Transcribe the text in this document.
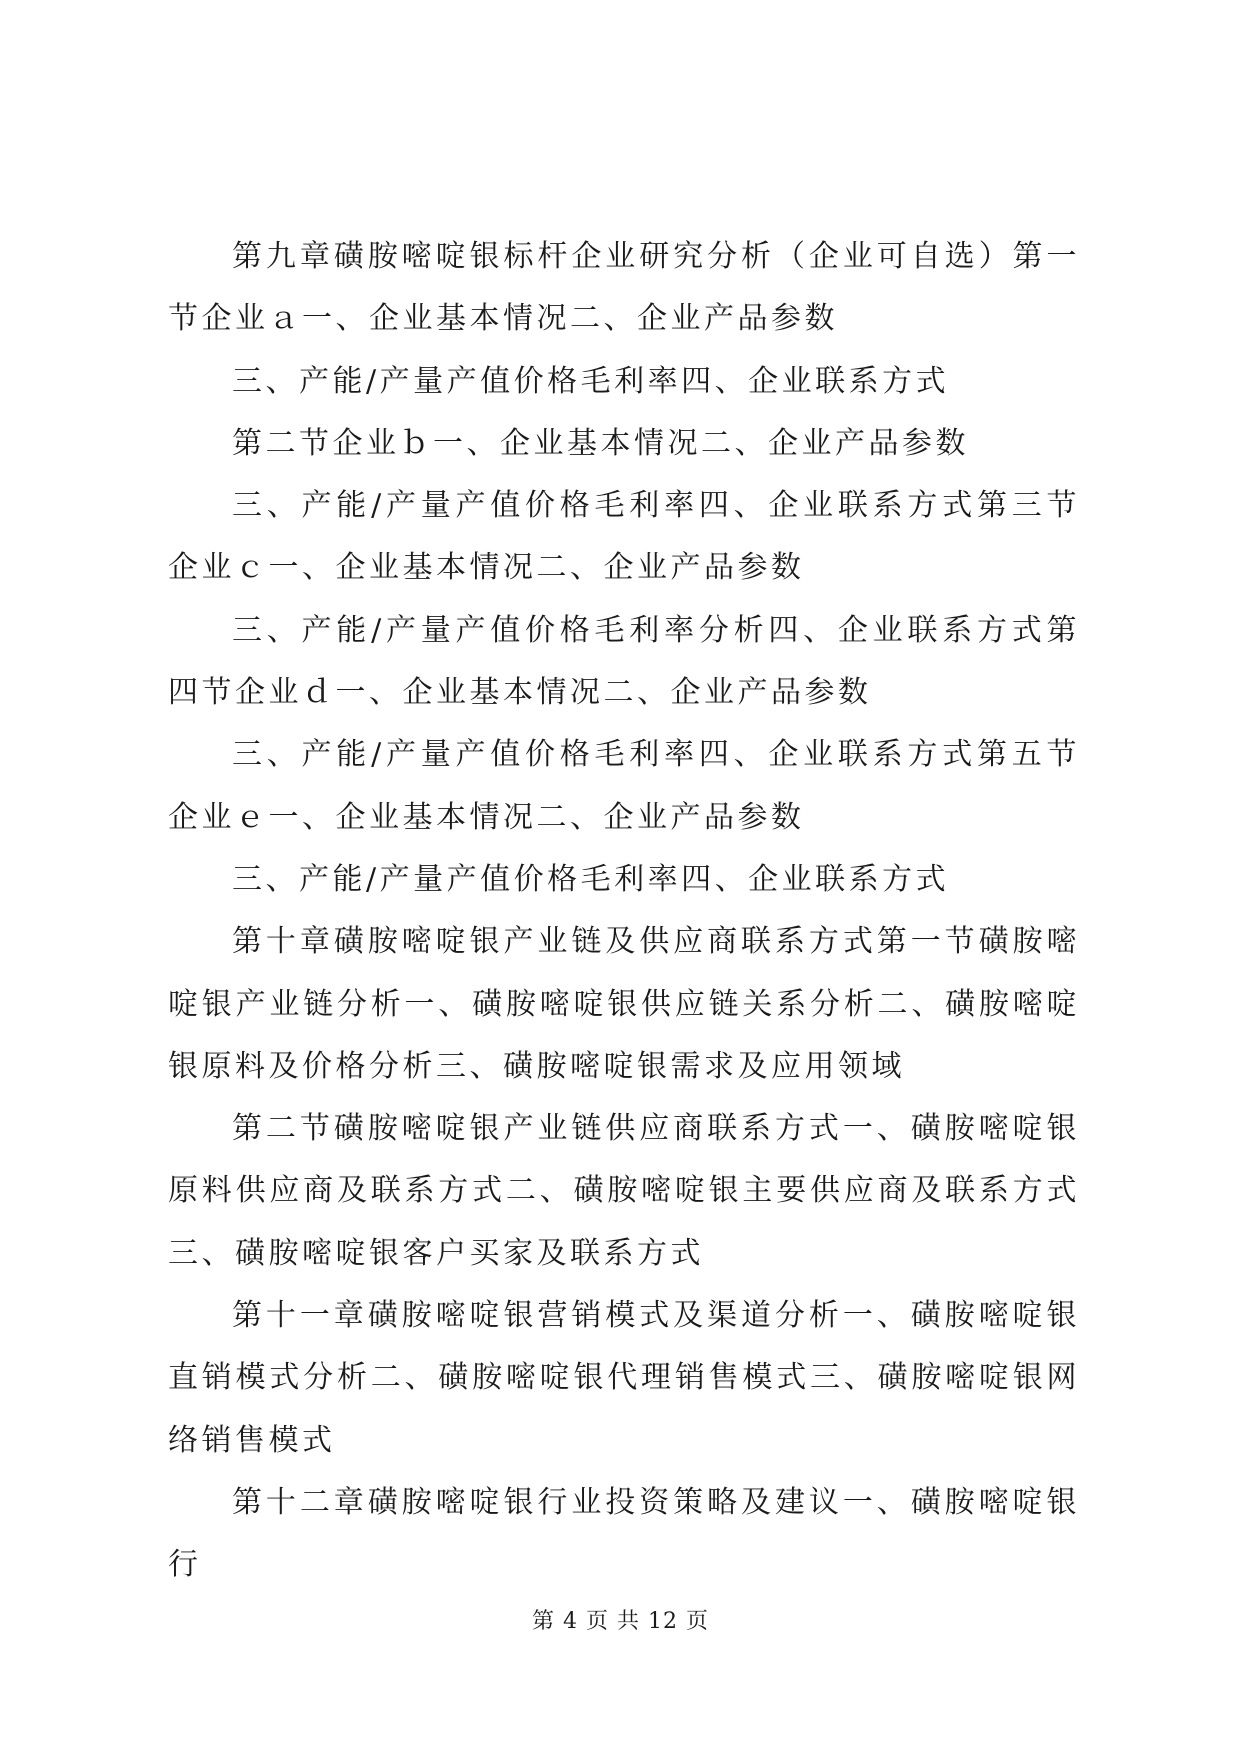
第九章磺胺嘧啶银标杆企业研究分析（企业可自选）第一节企业ａ一、企业基本情况二、企业产品参数

三、产能/产量产值价格毛利率四、企业联系方式

第二节企业ｂ一、企业基本情况二、企业产品参数

三、产能/产量产值价格毛利率四、企业联系方式第三节企业ｃ一、企业基本情况二、企业产品参数

三、产能/产量产值价格毛利率分析四、企业联系方式第四节企业ｄ一、企业基本情况二、企业产品参数

三、产能/产量产值价格毛利率四、企业联系方式第五节企业ｅ一、企业基本情况二、企业产品参数

三、产能/产量产值价格毛利率四、企业联系方式

第十章磺胺嘧啶银产业链及供应商联系方式第一节磺胺嘧啶银产业链分析一、磺胺嘧啶银供应链关系分析二、磺胺嘧啶银原料及价格分析三、磺胺嘧啶银需求及应用领域

第二节磺胺嘧啶银产业链供应商联系方式一、磺胺嘧啶银原料供应商及联系方式二、磺胺嘧啶银主要供应商及联系方式三、磺胺嘧啶银客户买家及联系方式

第十一章磺胺嘧啶银营销模式及渠道分析一、磺胺嘧啶银直销模式分析二、磺胺嘧啶银代理销售模式三、磺胺嘧啶银网络销售模式

第十二章磺胺嘧啶银行业投资策略及建议一、磺胺嘧啶银行

第 4 页 共 12 页
